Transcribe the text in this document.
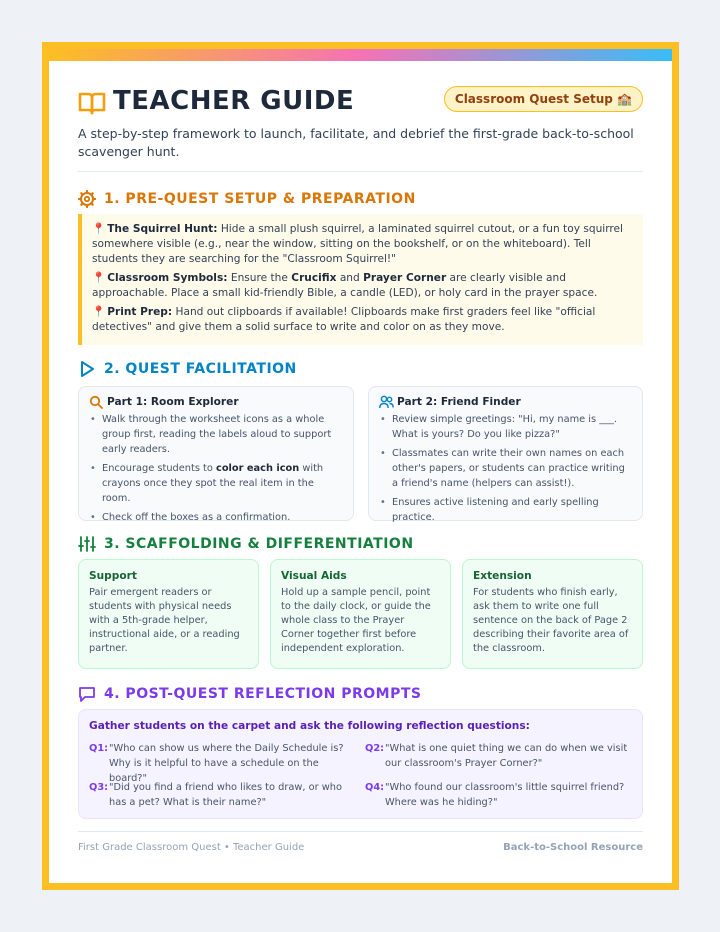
TEACHER GUIDE	Classroom Quest Setup 🏫
A step-by-step framework to launch, facilitate, and debrief the first-grade back-to-school scavenger hunt.
1. PRE-QUEST SETUP & PREPARATION

📍 The Squirrel Hunt: Hide a small plush squirrel, a laminated squirrel cutout, or a fun toy squirrel somewhere visible (e.g., near the window, sitting on the bookshelf, or on the whiteboard). Tell students they are searching for the "Classroom Squirrel!"

📍 Classroom Symbols: Ensure the Crucifix and Prayer Corner are clearly visible and approachable. Place a small kid-friendly Bible, a candle (LED), or holy card in the prayer space.

📍 Print Prep: Hand out clipboards if available! Clipboards make first graders feel like "official detectives" and give them a solid surface to write and color on as they move.

2. QUEST FACILITATION
Part 1: Room Explorer
• Walk through the worksheet icons as a whole group first, reading the labels aloud to support early readers.
• Encourage students to color each icon with crayons once they spot the real item in the room.
• Check off the boxes as a confirmation.
Part 2: Friend Finder
• Review simple greetings: "Hi, my name is ___. What is yours? Do you like pizza?"
• Classmates can write their own names on each other's papers, or students can practice writing a friend's name (helpers can assist!).
• Ensures active listening and early spelling practice.
3. SCAFFOLDING & DIFFERENTIATION
Support

Pair emergent readers or students with physical needs with a 5th-grade helper, instructional aide, or a reading partner.

Visual Aids

Hold up a sample pencil, point to the daily clock, or guide the whole class to the Prayer Corner together first before independent exploration.

Extension

For students who finish early, ask them to write one full sentence on the back of Page 2 describing their favorite area of the classroom.

4. POST-QUEST REFLECTION PROMPTS
Gather students on the carpet and ask the following reflection questions:
Q1: "Who can show us where the Daily Schedule is? Why is it helpful to have a schedule on the board?"
Q2: "What is one quiet thing we can do when we visit our classroom's Prayer Corner?"
Q3: "Did you find a friend who likes to draw, or who has a pet? What is their name?"
Q4: "Who found our classroom's little squirrel friend? Where was he hiding?"
First Grade Classroom Quest • Teacher Guide	Back-to-School Resource
